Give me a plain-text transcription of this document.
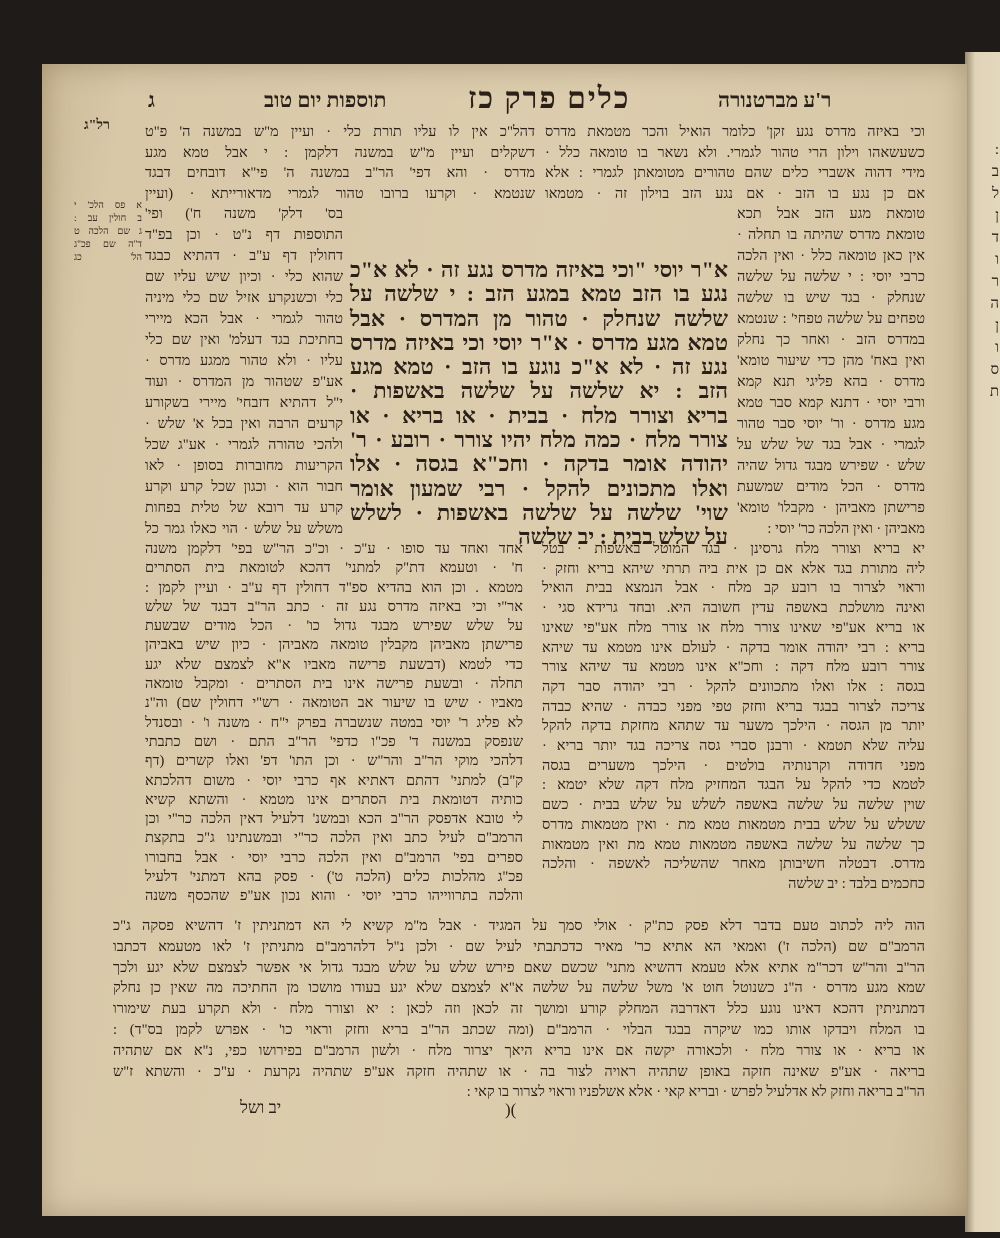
:
ב
ל
ן
ד
ו
ר
ה
ן
ו
ס
ת
ר'ע מברטנורה
כלים פרק כז
תוספות יום טוב
ג
רל"ג
א פס הלכ' י
ב חולין עב :
ג שם הלכה ט
ד"ה שם פכ"ג
הל' כג
וכי באיזה מדרס נגע זקן' כלומר הואיל והכר מטמאת מדרס
כשעשאהו וילון הרי טהור לגמרי. ולא נשאר בו טומאה כלל ·
מידי דהוה אשברי כלים שהם טהורים מטומאתן לגמרי : אלא
אם כן נגע בו הזב · אם נגע הזב בוילון זה · מטמאו
טומאת מגע הזב אבל תכא
טומאת מדרס שהיתה בו תחלה ·
אין כאן טומאה כלל · ואין הלכה
כרבי יוסי : י שלשה על שלשה
שנחלק · בגד שיש בו שלשה
טפחים על שלשה טפחי' : שנטמא
במדרס הזב · ואחר כך נחלק
ואין באח' מהן כדי שיעור טומא'
מדרס · בהא פליגי תנא קמא
ורבי יוסי · דתנא קמא סבר טמא
מגע מדרס · ור' יוסי סבר טהור
לגמרי · אבל בגד של שלש על
שלש · שפירש מבגד גדול שהיה
מדרס · הכל מודים שמשעת
פרישתן מאביהן · מקבלו' טומא'
מאביהן · ואין הלכה כר' יוסי :
א"ר יוסי "וכי באיזה מדרס נגע זה · לא א"כ
נגע בו הזב טמא במגע הזב : י שלשה על
שלשה שנחלק · טהור מן המדרס · אבל
טמא מגע מדרס · א"ר יוסי וכי באיזה מדרס
נגע זה · לא א"כ נוגע בו הזב · טמא מגע
הזב : יא שלשה על שלשה באשפות ·
בריא וצורר מלח · בבית · או בריא · או
צורר מלח · כמה מלח יהיו צורר · רובע · ר'
יהודה אומר בדקה · וחכ"א בגסה · אלו
ואלו מתכונים להקל · רבי שמעון אומר
שוי' שלשה על שלשה באשפות · לשלש
על שלש בבית : יב שלשה
יא בריא וצורר מלח גרסינן · בגד המוטל באשפות · בטל
ליה מתורת בגד אלא אם כן אית ביה תרתי שיהא בריא וחזק ·
וראוי לצרור בו רובע קב מלח · אבל הנמצא בבית הואיל
ואינה מושלכת באשפה עדין חשובה היא. ובחד גרידא סגי ·
או בריא אע"פי שאינו צורר מלח או צורר מלח אע"פי שאינו
בריא : רבי יהודה אומר בדקה · לעולם אינו מטמא עד שיהא
צורר רובע מלח דקה : וחכ"א אינו מטמא עד שיהא צורר
בגסה : אלו ואלו מתכוונים להקל · רבי יהודה סבר דקה
צריכה לצרור בבגד בריא וחזק טפי מפני כבדה · שהיא כבדה
יותר מן הגסה · הילכך משער עד שתהא מחזקת בדקה להקל
עליה שלא תטמא · ורבנן סברי גסה צריכה בגד יותר בריא ·
מפני חדודה וקרנותיה בולטים · הילכך משערים בגסה
לטמא כדי להקל על הבגד המחזיק מלח דקה שלא יטמא :
שוין שלשה על שלשה באשפה לשלש על שלש בבית · כשם
ששלש על שלש בבית מטמאות טמא מת · ואין מטמאות מדרס
כך שלשה על שלשה באשפה מטמאות טמא מת ואין מטמאות
מדרס. דבטלה חשיבותן מאחר שהשליכה לאשפה · והלכה
כחכמים בלבד : יב שלשה
דהל"כ אין לו עליו תורת כלי · ועיין מ"ש במשנה ה' פ"ט
דשקלים ועיין מ"ש במשנה דלקמן : י אבל טמא מגע
מדרס · והא דפי' הר"ב במשנה ה' פי"א דובחים דבגד
שנטמא · וקרעו ברובו טהור לגמרי מדאורייתא · (ועיין
בס' דלק' משנה ח') ופי'
התוספות דף נ"ט · וכן בפ"ד
דחולין דף ע"ב · דהתיא כבגד
שהוא כלי · וכיון שיש עליו שם
כלי וכשנקרע אזיל שם כלי מיניה
טהור לגמרי · אבל הכא מיירי
בחתיכת בגד דעלמ' ואין שם כלי
עליו · ולא טהור ממגע מדרס ·
אע"פ שטהור מן המדרס · ועוד
י"ל דהתיא דזבחי' מיירי בשקורע
קרעים הרבה ואין בכל א' שלש ·
ולהכי טהורה לגמרי · אע"ג שכל
הקריעות מחוברות בסופן · לאו
חבור הוא · וכגון שכל קרע וקרע
קרע עד רובא של טלית בפחות
משלש על שלש · הוי כאלו גמר כל
אחד ואחד עד סופו · ע"כ · וכ"כ הר"ש בפי' דלקמן משנה
ח' · וטעמא דת"ק למתני' דהכא לטומאת בית הסתרים
מטמא . וכן הוא בהדיא ספ"ד דחולין דף ע"ב · ועיין לקמן :
אר"י וכי באיזה מדרס נגע זה · כתב הר"ב דבגד של שלש
על שלש שפירש מבגד גדול כו' · הכל מודים שבשעת
פרישתן מאביהן מקבלין טומאה מאביהן · כיון שיש באביהן
כדי לטמא (דבשעת פרישה מאביו א"א לצמצם שלא יגע
תחלה · ובשעת פרישה אינו בית הסתרים · ומקבל טומאה
מאביו · שיש בו שיעור אב הטומאה · רש"י דחולין שם) וה"נ
לא פליג ר' יוסי במטה שנשברה בפרק י"ח · משנה ו' · ובסנדל
שנפסק במשנה ד' פכ"ו כדפי' הר"ב התם · ושם כתבתי
דלהכי מוקי הר"ב והר"ש · וכן התו' דפ' ואלו קשרים (דף
ק"ב) למתני' דהתם דאתיא אף כרבי יוסי · משום דהלכתא
כותיה דטומאת בית הסתרים אינו מטמא · והשתא קשיא
לי טובא אדפסק הר"ב הכא ובמשנ' דלעיל דאין הלכה כר"י וכן
הרמב"ם לעיל כתב ואין הלכה כר"י ובמשנתינו ג"כ בתקצת
ספרים בפי' הרמב"ם ואין הלכה כרבי יוסי · אבל בחבורו
פכ"ג מהלכות כלים (הלכה ט') · פסק בהא דמתני' דלעיל
והלכה בתרווייהו כרבי יוסי · והוא נכון אע"פ שהכסף משנה
הוה ליה לכתוב טעם בדבר דלא פסק כת"ק · אולי סמך על המגיד · אבל מ"מ קשיא לי הא דמתניתין ז' דהשיא פסקה ג"כ
הרמב"ם שם (הלכה ז') ואמאי הא אתיא כר' מאיר כדכתבתי לעיל שם · ולכן נ"ל דלהרמב"ם מתניתין ז' לאו מטעמא דכתבו
הר"ב והר"ש דכר"מ אתיא אלא טעמא דהשיא מתני' שכשם שאם פירש שלש על שלש מבגד גדול אי אפשר לצמצם שלא יגע ולכך
שמא מגע מדרס · ה"נ כשנוטל חוט א' משל שלשה על שלשה א"א לצמצם שלא יגע בעודו מושכו מן החתיכה מה שאין כן נחלק
דמתניתין דהכא דאינו נוגע כלל דאדרבה המחלק קורע ומושך זה לכאן וזה לכאן : יא וצורר מלח · ולא תקרע בעת שימורו
בו המלח ויבדקו אותו כמו שיקרה בבגד הבלוי · הרמב"ם (ומה שכתב הר"ב בריא וחזק וראוי כו' · אפרש לקמן בס"ד) :
או בריא · או צורר מלח · ולכאורה יקשה אם אינו בריא היאך יצרור מלח · ולשון הרמב"ם בפירושו כפי, נ"א אם שתהיה
בריאה · אע"פ שאינה חזקה באופן שתהיה ראויה לצור בה · או שתהיה חזקה אע"פ שתהיה נקרעת · ע"כ · והשתא ז"ש
הר"ב בריאה וחזק לא אדלעיל לפרש · ובריא קאי · אלא אשלפניו וראוי לצרור בו קאי :
יב ושל	)(
